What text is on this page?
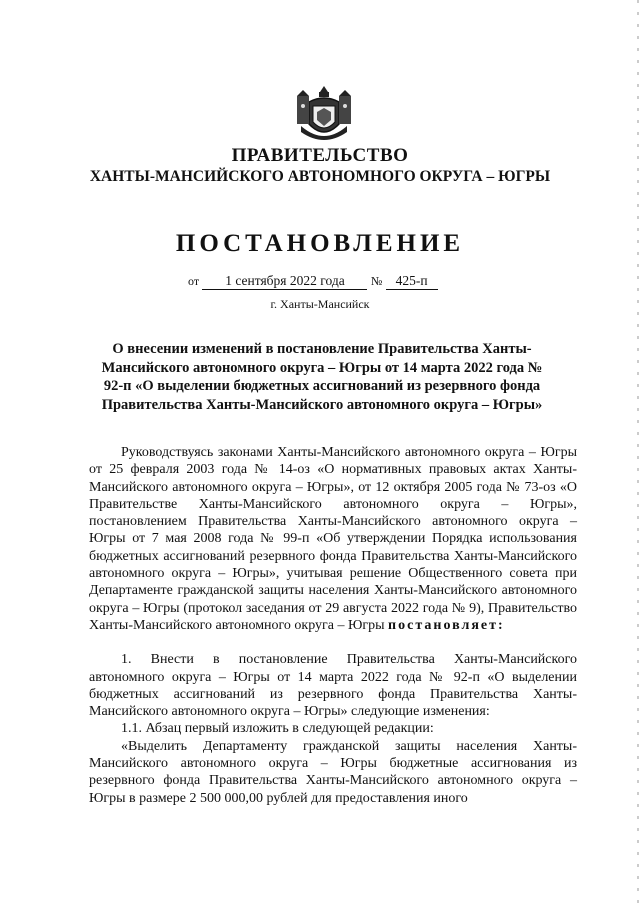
ПРАВИТЕЛЬСТВО
ХАНТЫ-МАНСИЙСКОГО АВТОНОМНОГО ОКРУГА – ЮГРЫ
ПОСТАНОВЛЕНИЕ
от 1 сентября 2022 года № 425-п
г. Ханты-Мансийск
О внесении изменений в постановление Правительства Ханты-Мансийского автономного округа – Югры от 14 марта 2022 года № 92-п «О выделении бюджетных ассигнований из резервного фонда Правительства Ханты-Мансийского автономного округа – Югры»

Руководствуясь законами Ханты-Мансийского автономного округа – Югры от 25 февраля 2003 года № 14-оз «О нормативных правовых актах Ханты-Мансийского автономного округа – Югры», от 12 октября 2005 года № 73-оз «О Правительстве Ханты-Мансийского автономного округа – Югры», постановлением Правительства Ханты-Мансийского автономного округа – Югры от 7 мая 2008 года № 99-п «Об утверждении Порядка использования бюджетных ассигнований резервного фонда Правительства Ханты-Мансийского автономного округа – Югры», учитывая решение Общественного совета при Департаменте гражданской защиты населения Ханты-Мансийского автономного округа – Югры (протокол заседания от 29 августа 2022 года № 9), Правительство Ханты-Мансийского автономного округа – Югры постановляет:

1. Внести в постановление Правительства Ханты-Мансийского автономного округа – Югры от 14 марта 2022 года № 92-п «О выделении бюджетных ассигнований из резервного фонда Правительства Ханты-Мансийского автономного округа – Югры» следующие изменения:

1.1. Абзац первый изложить в следующей редакции:

«Выделить Департаменту гражданской защиты населения Ханты-Мансийского автономного округа – Югры бюджетные ассигнования из резервного фонда Правительства Ханты-Мансийского автономного округа – Югры в размере 2 500 000,00 рублей для предоставления иного
